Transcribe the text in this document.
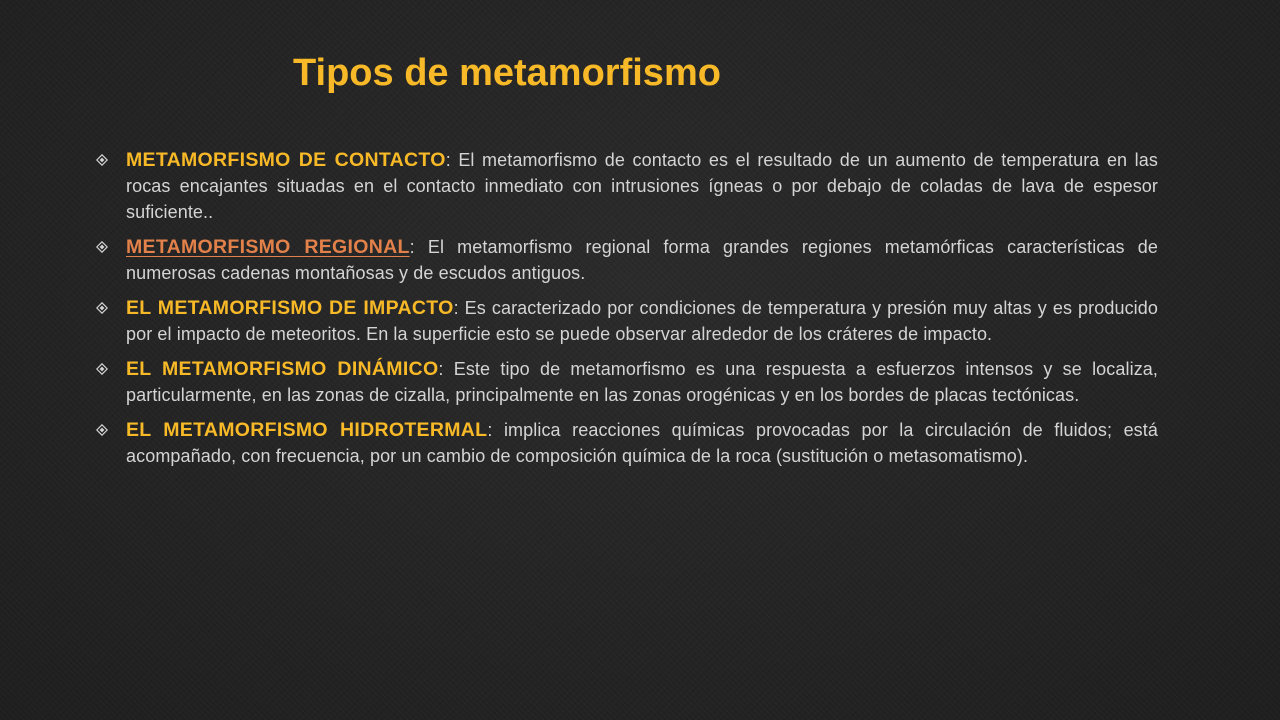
Tipos de metamorfismo
METAMORFISMO DE CONTACTO: El metamorfismo de contacto es el resultado de un aumento de temperatura en las rocas encajantes situadas en el contacto inmediato con intrusiones ígneas o por debajo de coladas de lava de espesor suficiente..
METAMORFISMO REGIONAL: El metamorfismo regional forma grandes regiones metamórficas características de numerosas cadenas montañosas y de escudos antiguos.
EL METAMORFISMO DE IMPACTO: Es caracterizado por condiciones de temperatura y presión muy altas y es producido por el impacto de meteoritos. En la superficie esto se puede observar alrededor de los cráteres de impacto.
EL METAMORFISMO DINÁMICO: Este tipo de metamorfismo es una respuesta a esfuerzos intensos y se localiza, particularmente, en las zonas de cizalla, principalmente en las zonas orogénicas y en los bordes de placas tectónicas.
EL METAMORFISMO HIDROTERMAL: implica reacciones químicas provocadas por la circulación de fluidos; está acompañado, con frecuencia, por un cambio de composición química de la roca (sustitución o metasomatismo).
